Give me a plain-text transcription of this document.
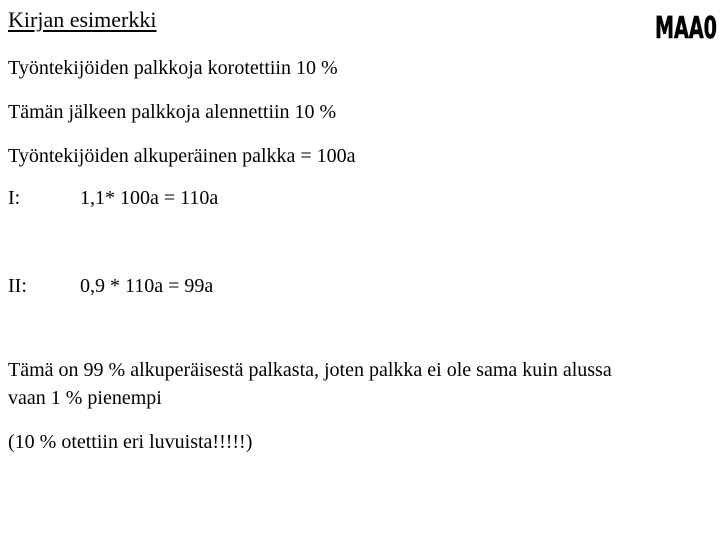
Kirjan esimerkki	MAA0
Työntekijöiden palkkoja korotettiin 10 %
Tämän jälkeen palkkoja alennettiin 10 %
Työntekijöiden alkuperäinen palkka = 100a
I:	1,1* 100a = 110a
II:	0,9 * 110a = 99a
Tämä on 99 % alkuperäisestä palkasta, joten palkka ei ole sama kuin alussa vaan 1 % pienempi
(10 % otettiin eri luvuista!!!!!)
